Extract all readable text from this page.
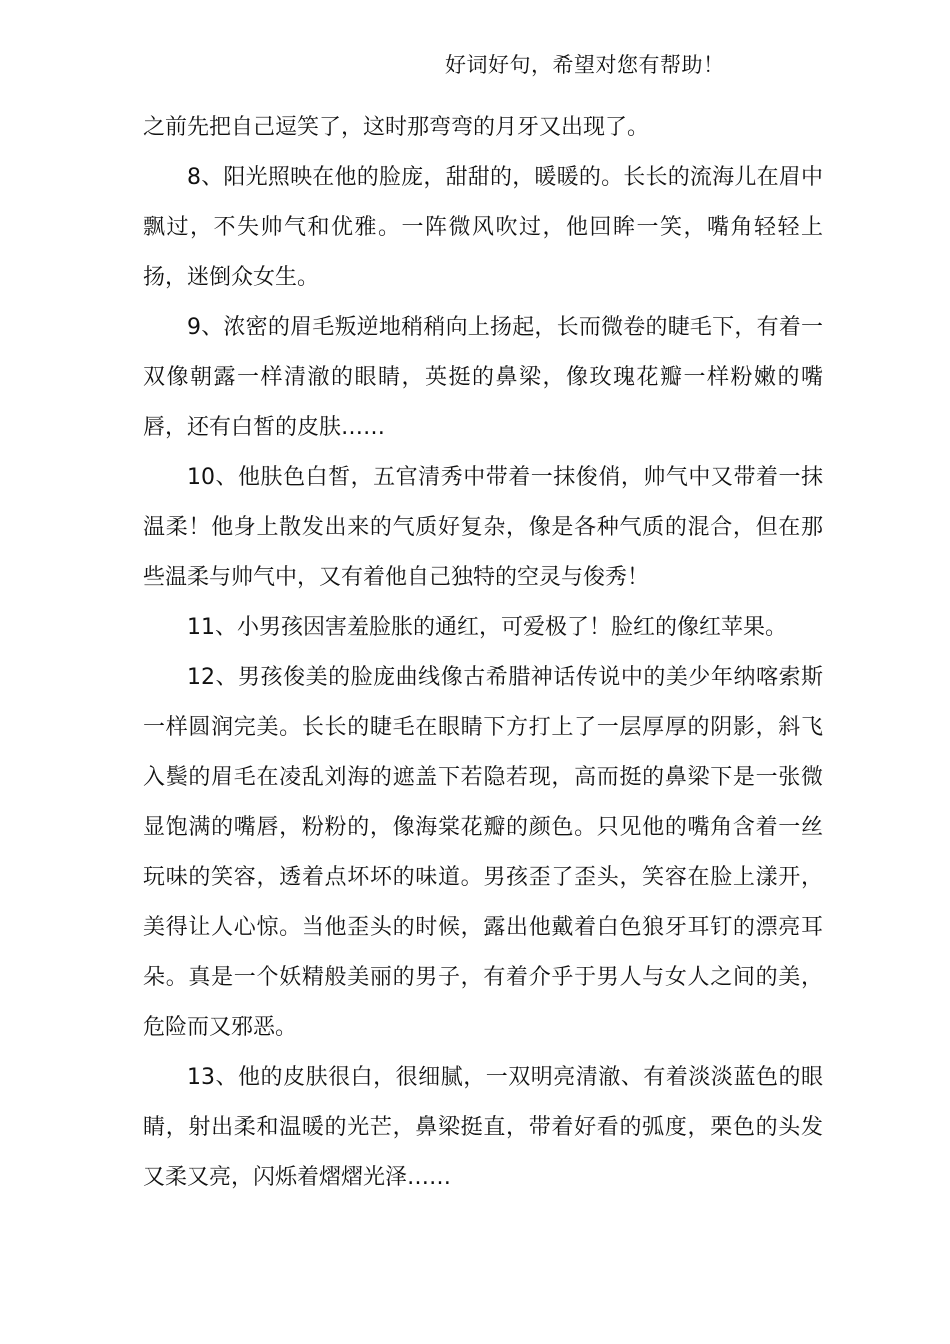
好词好句，希望对您有帮助！

之前先把自己逗笑了，这时那弯弯的月牙又出现了。

8、阳光照映在他的脸庞，甜甜的，暖暖的。长长的流海儿在眉中飘过，不失帅气和优雅。一阵微风吹过，他回眸一笑，嘴角轻轻上扬，迷倒众女生。

9、浓密的眉毛叛逆地稍稍向上扬起，长而微卷的睫毛下，有着一双像朝露一样清澈的眼睛，英挺的鼻梁，像玫瑰花瓣一样粉嫩的嘴唇，还有白皙的皮肤……

10、他肤色白皙，五官清秀中带着一抹俊俏，帅气中又带着一抹温柔！他身上散发出来的气质好复杂，像是各种气质的混合，但在那些温柔与帅气中，又有着他自己独特的空灵与俊秀！

11、小男孩因害羞脸胀的通红，可爱极了！脸红的像红苹果。

12、男孩俊美的脸庞曲线像古希腊神话传说中的美少年纳喀索斯一样圆润完美。长长的睫毛在眼睛下方打上了一层厚厚的阴影，斜飞入鬓的眉毛在凌乱刘海的遮盖下若隐若现，高而挺的鼻梁下是一张微显饱满的嘴唇，粉粉的，像海棠花瓣的颜色。只见他的嘴角含着一丝玩味的笑容，透着点坏坏的味道。男孩歪了歪头，笑容在脸上漾开，美得让人心惊。当他歪头的时候，露出他戴着白色狼牙耳钉的漂亮耳朵。真是一个妖精般美丽的男子，有着介乎于男人与女人之间的美，危险而又邪恶。

13、他的皮肤很白，很细腻，一双明亮清澈、有着淡淡蓝色的眼睛，射出柔和温暖的光芒，鼻梁挺直，带着好看的弧度，栗色的头发又柔又亮，闪烁着熠熠光泽……
